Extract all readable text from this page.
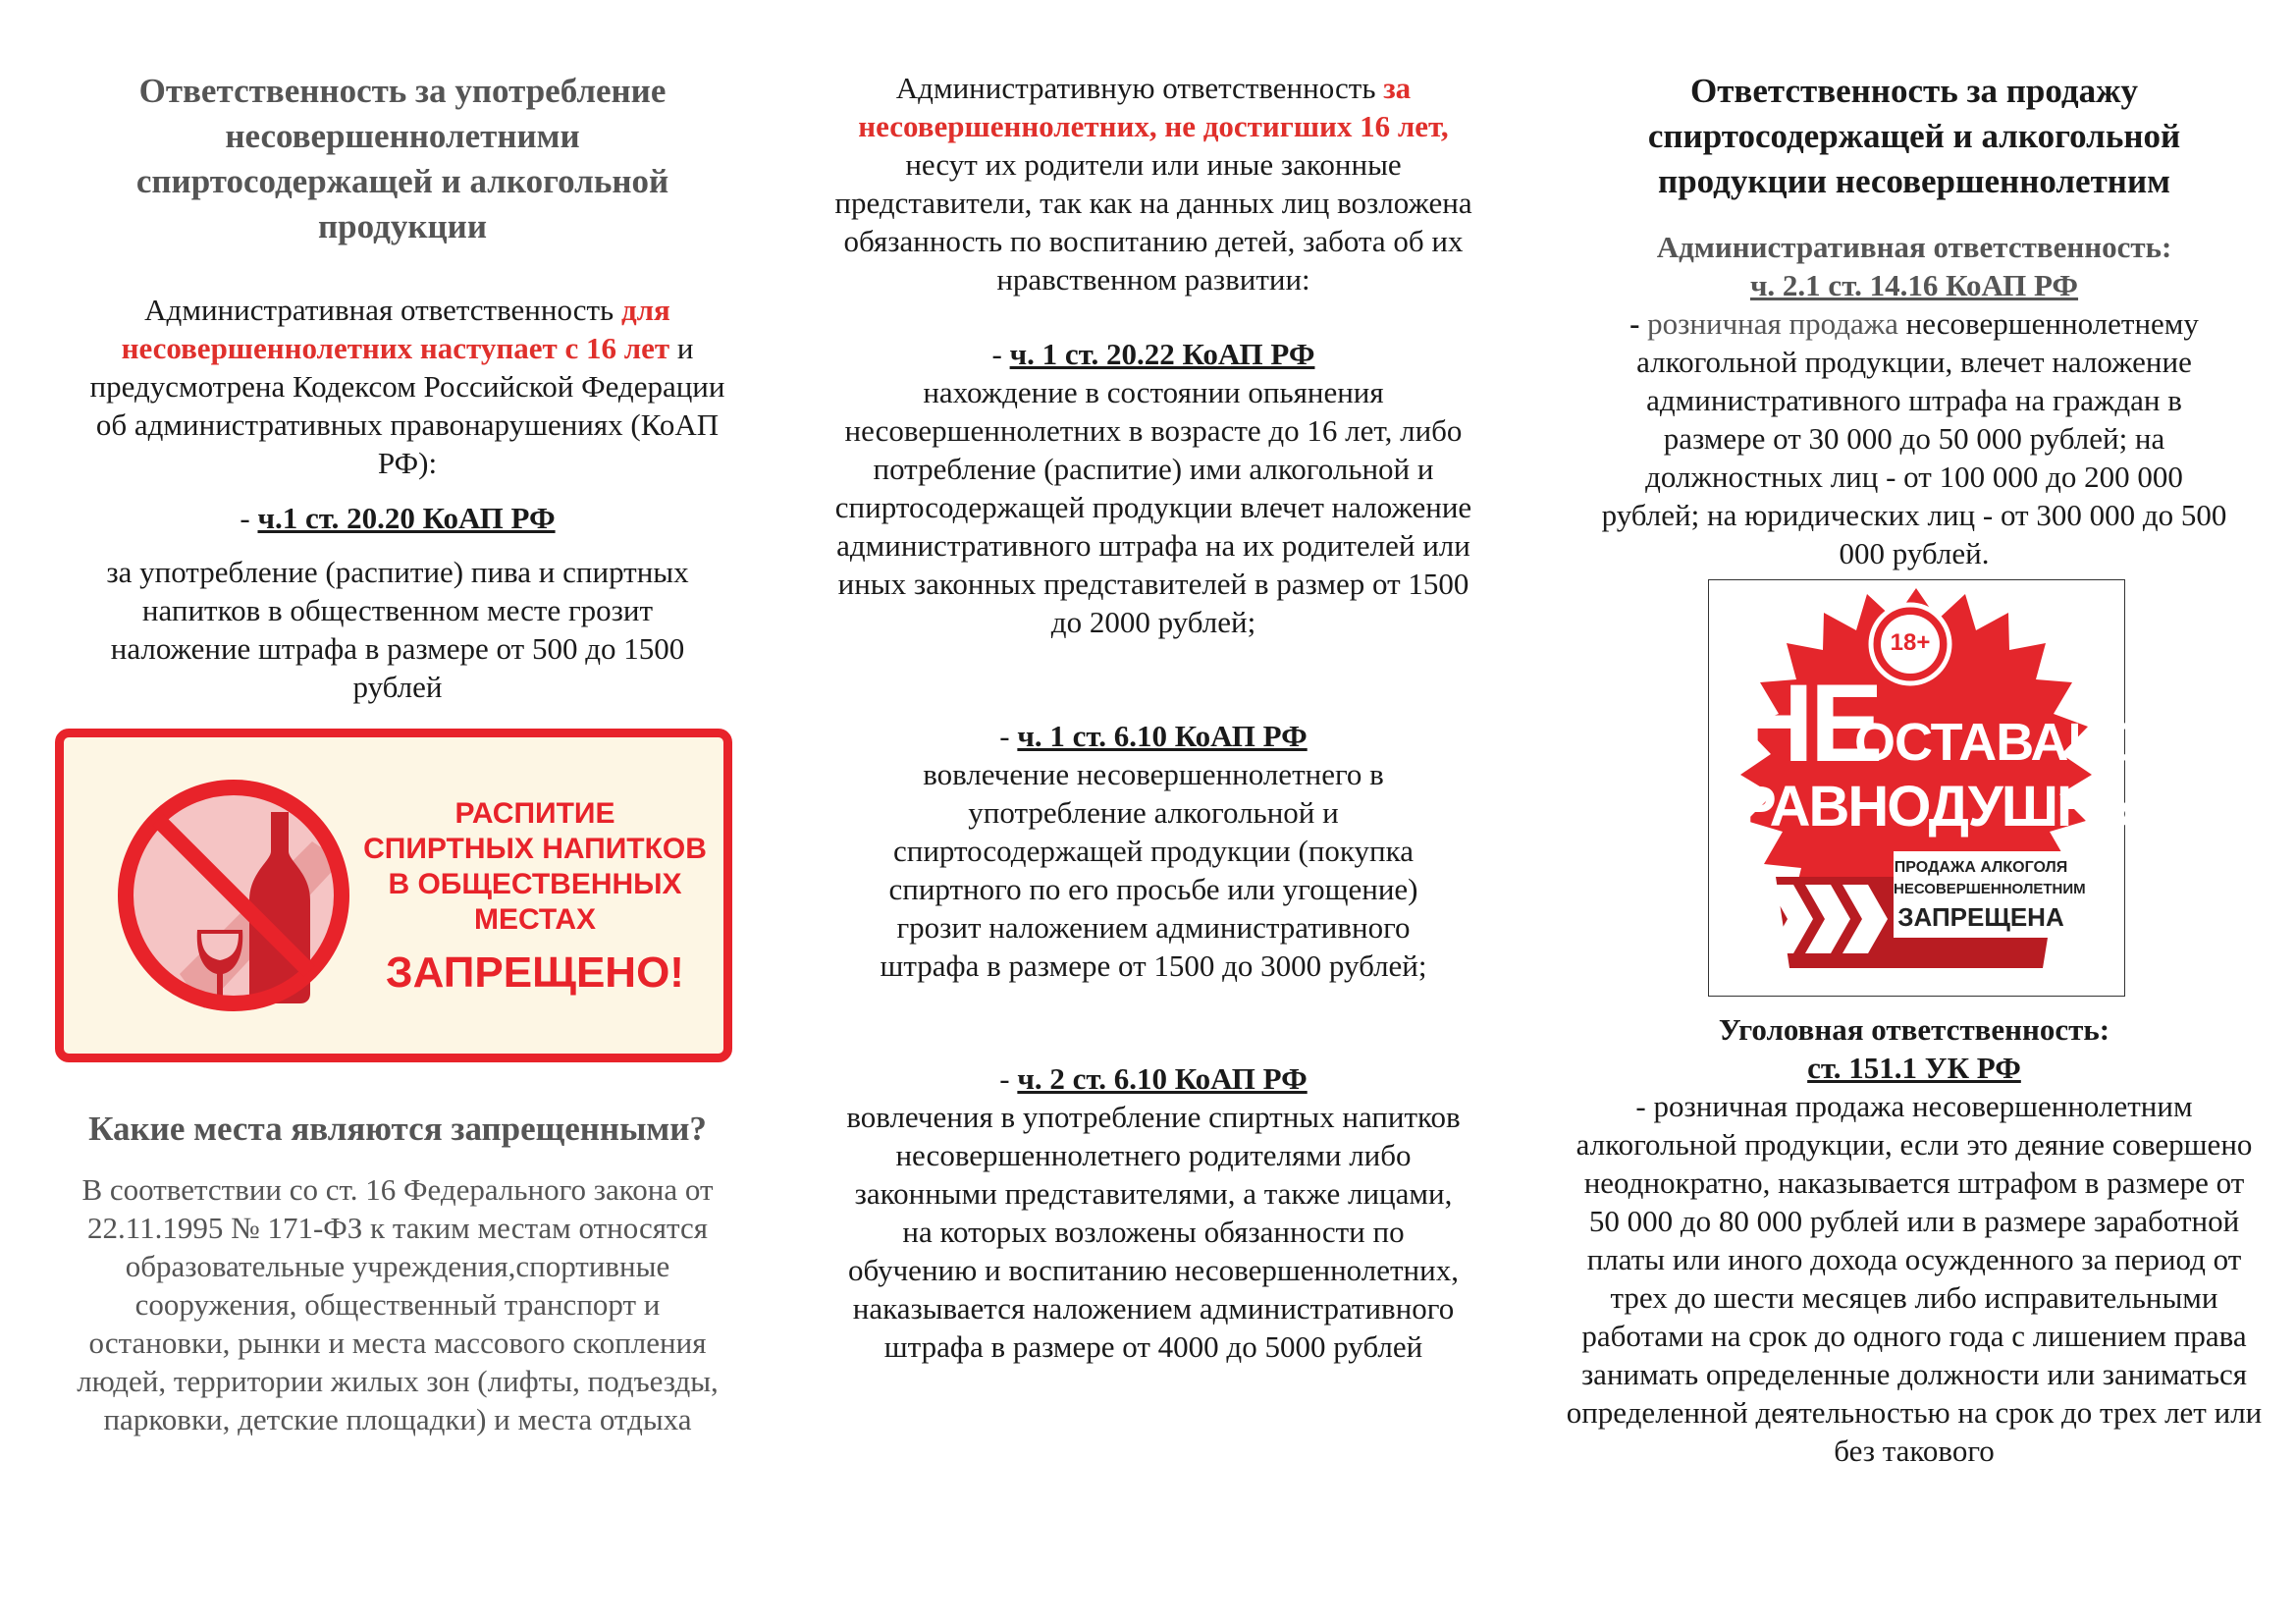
Ответственность за употребление несовершеннолетними спиртосодержащей и алкогольной продукции
Административная ответственность для несовершеннолетних наступает с 16 лет и предусмотрена Кодексом Российской Федерации об административных правонарушениях (КоАП РФ):
- ч.1 ст. 20.20 КоАП РФ
за употребление (распитие) пива и спиртных напитков в общественном месте грозит наложение штрафа в размере от 500 до 1500 рублей
РАСПИТИЕ
СПИРТНЫХ НАПИТКОВ
В ОБЩЕСТВЕННЫХ
МЕСТАХ
ЗАПРЕЩЕНО!
Какие места являются запрещенными?
В соответствии со ст. 16 Федерального закона от 22.11.1995 № 171-ФЗ к таким местам относятся образовательные учреждения,спортивные сооружения, общественный транспорт и остановки, рынки и места массового скопления людей, территории жилых зон (лифты, подъезды, парковки, детские площадки) и места отдыха
Административную ответственность за несовершеннолетних, не достигших 16 лет,
несут их родители или иные законные представители, так как на данных лиц возложена обязанность по воспитанию детей, забота об их нравственном развитии:
- ч. 1 ст. 20.22 КоАП РФ
нахождение в состоянии опьянения несовершеннолетних в возрасте до 16 лет, либо потребление (распитие) ими алкогольной и спиртосодержащей продукции влечет наложение административного штрафа на их родителей или иных законных представителей в размер от 1500 до 2000 рублей;
- ч. 1 ст. 6.10 КоАП РФ
вовлечение несовершеннолетнего в употребление алкогольной и спиртосодержащей продукции (покупка спиртного по его просьбе или угощение) грозит наложением административного штрафа в размере от 1500 до 3000 рублей;
- ч. 2 ст. 6.10 КоАП РФ
вовлечения в употребление спиртных напитков несовершеннолетнего родителями либо законными представителями, а также лицами, на которых возложены обязанности по обучению и воспитанию несовершеннолетних, наказывается наложением административного штрафа в размере от 4000 до 5000 рублей
Ответственность за продажу спиртосодержащей и алкогольной продукции несовершеннолетним
Административная ответственность:
ч. 2.1 ст. 14.16 КоАП РФ
- розничная продажа несовершеннолетнему алкогольной продукции, влечет наложение административного штрафа на граждан в размере от 30 000 до 50 000 рублей; на должностных лиц - от 100 000 до 200 000 рублей; на юридических лиц - от 300 000 до 500 000 рублей.
18+
НЕ
ОСТАВАЙСЯ
РАВНОДУШНЫМ
ПРОДАЖА АЛКОГОЛЯ
НЕСОВЕРШЕННОЛЕТНИМ
ЗАПРЕЩЕНА
Уголовная ответственность:
ст. 151.1 УК РФ
- розничная продажа несовершеннолетним алкогольной продукции, если это деяние совершено неоднократно, наказывается штрафом в размере от 50 000 до 80 000 рублей или в размере заработной платы или иного дохода осужденного за период от трех до шести месяцев либо исправительными работами на срок до одного года с лишением права занимать определенные должности или заниматься определенной деятельностью на срок до трех лет или без такового
